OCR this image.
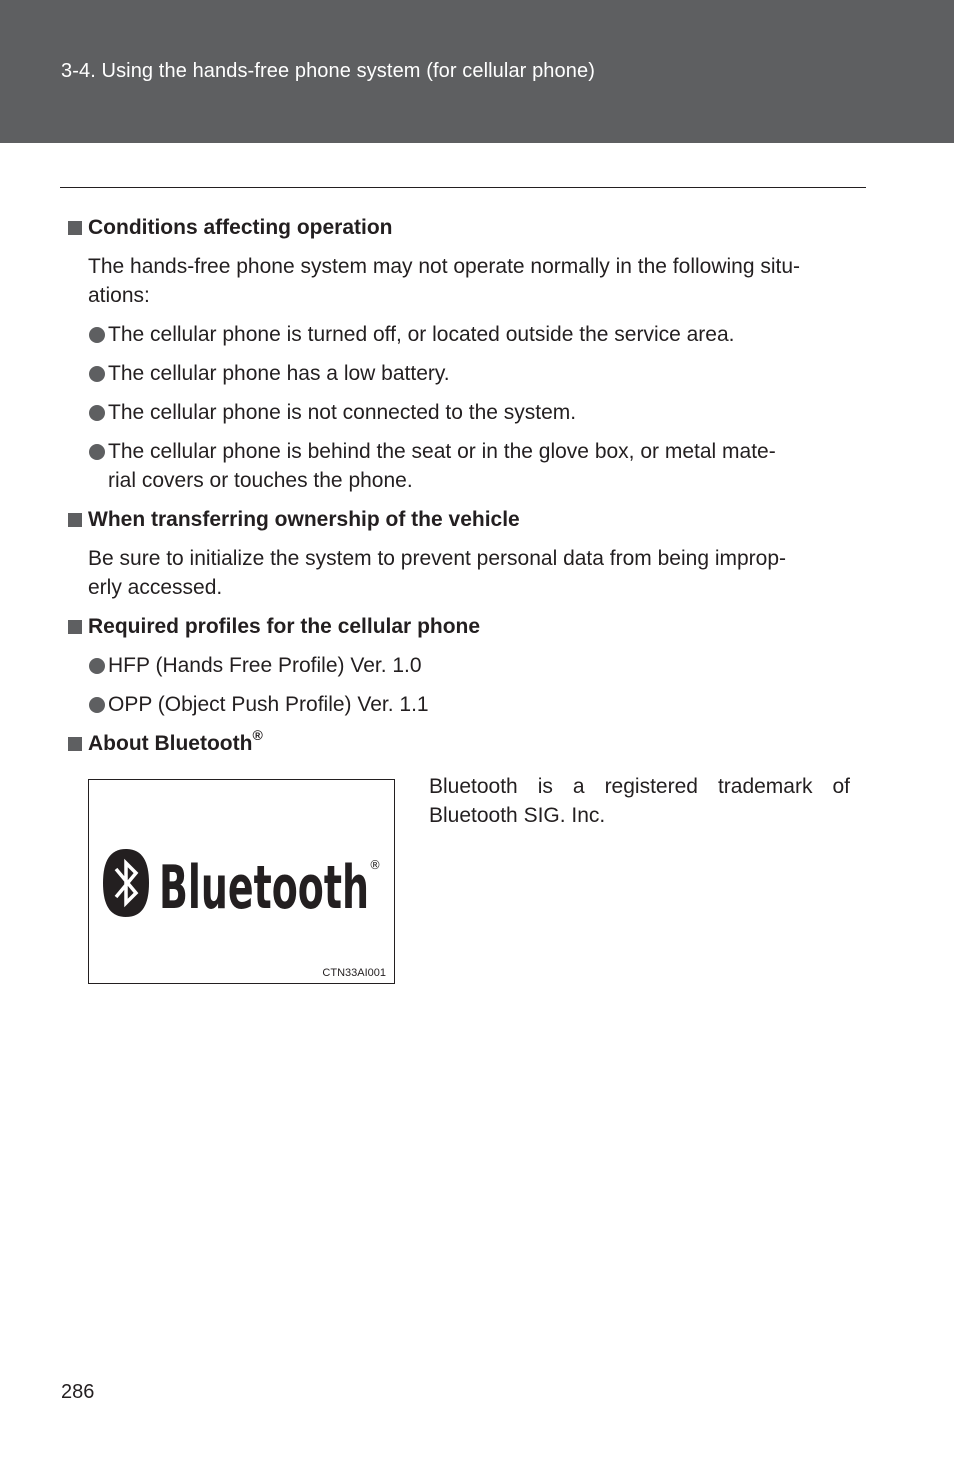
3-4. Using the hands-free phone system (for cellular phone)
Conditions affecting operation
The hands-free phone system may not operate normally in the following situ-
ations:
The cellular phone is turned off, or located outside the service area.
The cellular phone has a low battery.
The cellular phone is not connected to the system.
The cellular phone is behind the seat or in the glove box, or metal mate-
rial covers or touches the phone.
When transferring ownership of the vehicle
Be sure to initialize the system to prevent personal data from being improp-
erly accessed.
Required profiles for the cellular phone
HFP (Hands Free Profile) Ver. 1.0
OPP (Object Push Profile) Ver. 1.1
About Bluetooth®
Bluetooth ®
CTN33AI001
Bluetooth is a registered trademark of
Bluetooth SIG. Inc.
286
